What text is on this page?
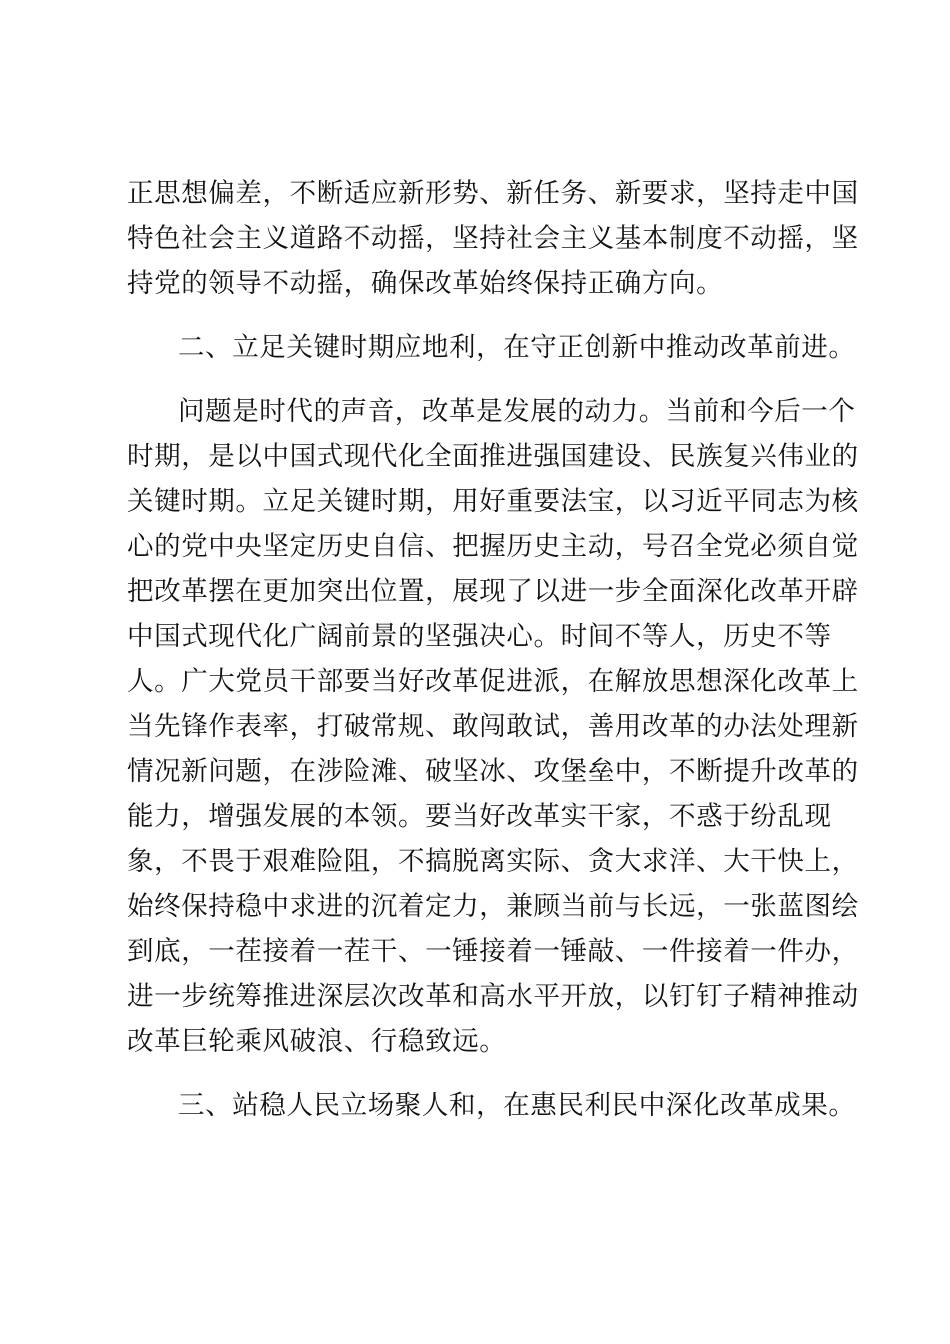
正思想偏差，不断适应新形势、新任务、新要求，坚持走中国
特色社会主义道路不动摇，坚持社会主义基本制度不动摇，坚
持党的领导不动摇，确保改革始终保持正确方向。
二、立足关键时期应地利，在守正创新中推动改革前进。
问题是时代的声音，改革是发展的动力。当前和今后一个
时期，是以中国式现代化全面推进强国建设、民族复兴伟业的
关键时期。立足关键时期，用好重要法宝，以习近平同志为核
心的党中央坚定历史自信、把握历史主动，号召全党必须自觉
把改革摆在更加突出位置，展现了以进一步全面深化改革开辟
中国式现代化广阔前景的坚强决心。时间不等人，历史不等
人。广大党员干部要当好改革促进派，在解放思想深化改革上
当先锋作表率，打破常规、敢闯敢试，善用改革的办法处理新
情况新问题，在涉险滩、破坚冰、攻堡垒中，不断提升改革的
能力，增强发展的本领。要当好改革实干家，不惑于纷乱现
象，不畏于艰难险阻，不搞脱离实际、贪大求洋、大干快上，
始终保持稳中求进的沉着定力，兼顾当前与长远，一张蓝图绘
到底，一茬接着一茬干、一锤接着一锤敲、一件接着一件办，
进一步统筹推进深层次改革和高水平开放，以钉钉子精神推动
改革巨轮乘风破浪、行稳致远。
三、站稳人民立场聚人和，在惠民利民中深化改革成果。
